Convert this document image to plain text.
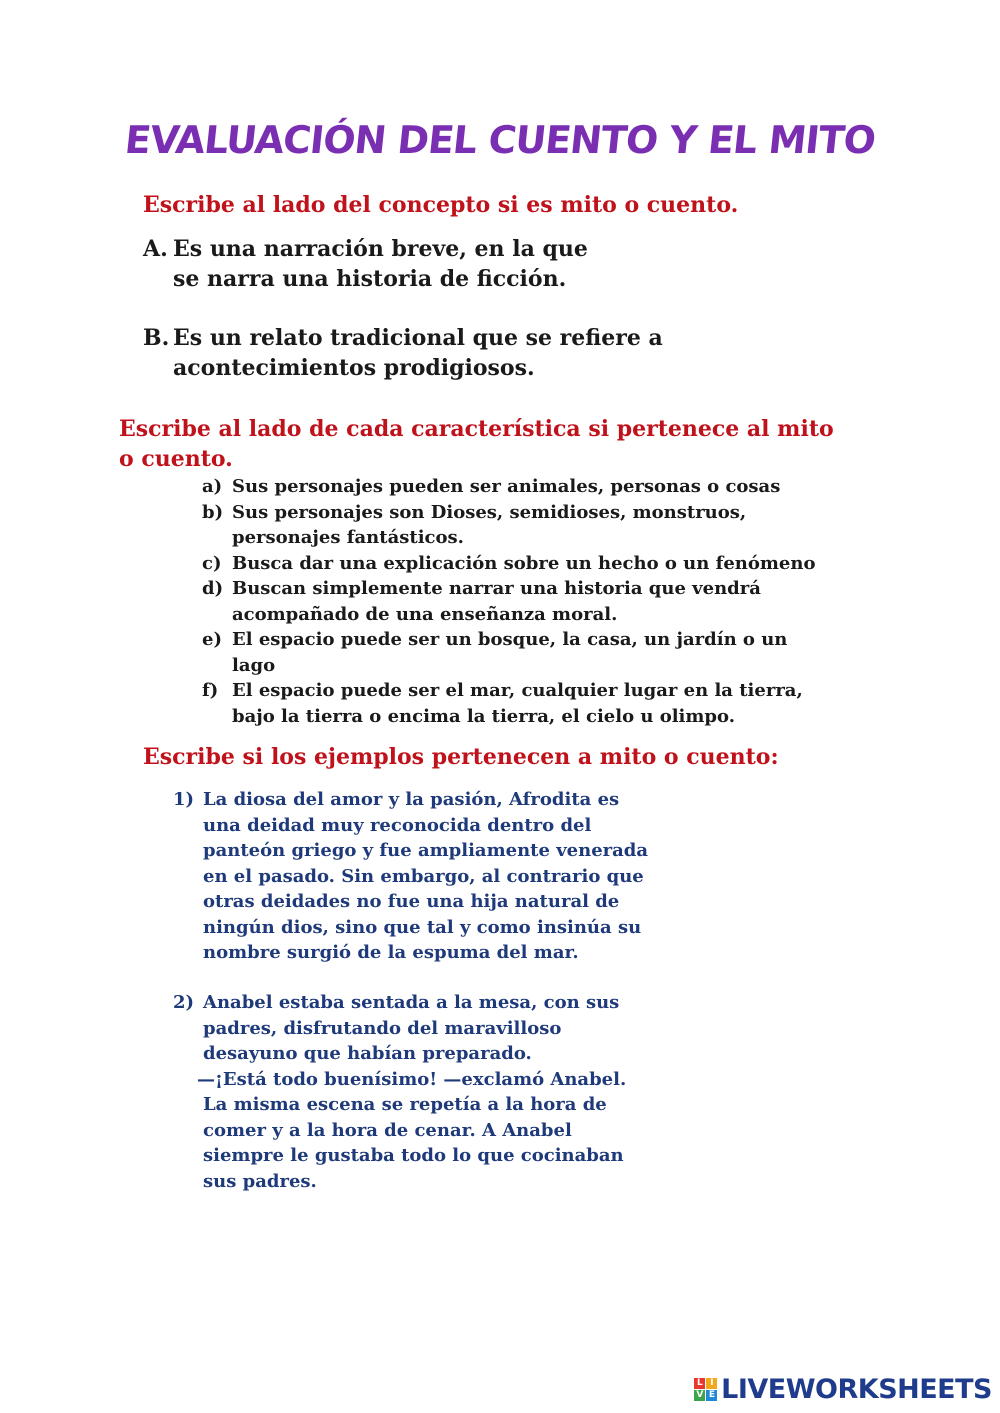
EVALUACIÓN DEL CUENTO Y EL MITO

Escribe al lado del concepto si es mito o cuento.

A. Es una narración breve, en la que
se narra una historia de ficción.
B. Es un relato tradicional que se refiere a
acontecimientos prodigiosos.
Escribe al lado de cada característica si pertenece al mito
o cuento.
a) Sus personajes pueden ser animales, personas o cosas
b) Sus personajes son Dioses, semidioses, monstruos,
personajes fantásticos.
c) Busca dar una explicación sobre un hecho o un fenómeno
d) Buscan simplemente narrar una historia que vendrá
acompañado de una enseñanza moral.
e) El espacio puede ser un bosque, la casa, un jardín o un
lago
f) El espacio puede ser el mar, cualquier lugar en la tierra,
bajo la tierra o encima la tierra, el cielo u olimpo.

Escribe si los ejemplos pertenecen a mito o cuento:

1) La diosa del amor y la pasión, Afrodita es
una deidad muy reconocida dentro del
panteón griego y fue ampliamente venerada
en el pasado. Sin embargo, al contrario que
otras deidades no fue una hija natural de
ningún dios, sino que tal y como insinúa su
nombre surgió de la espuma del mar.
2) Anabel estaba sentada a la mesa, con sus
padres, disfrutando del maravilloso
desayuno que habían preparado.
—¡Está todo buenísimo! —exclamó Anabel.
La misma escena se repetía a la hora de
comer y a la hora de cenar. A Anabel
siempre le gustaba todo lo que cocinaban
sus padres.
L I
V E LIVEWORKSHEETS
